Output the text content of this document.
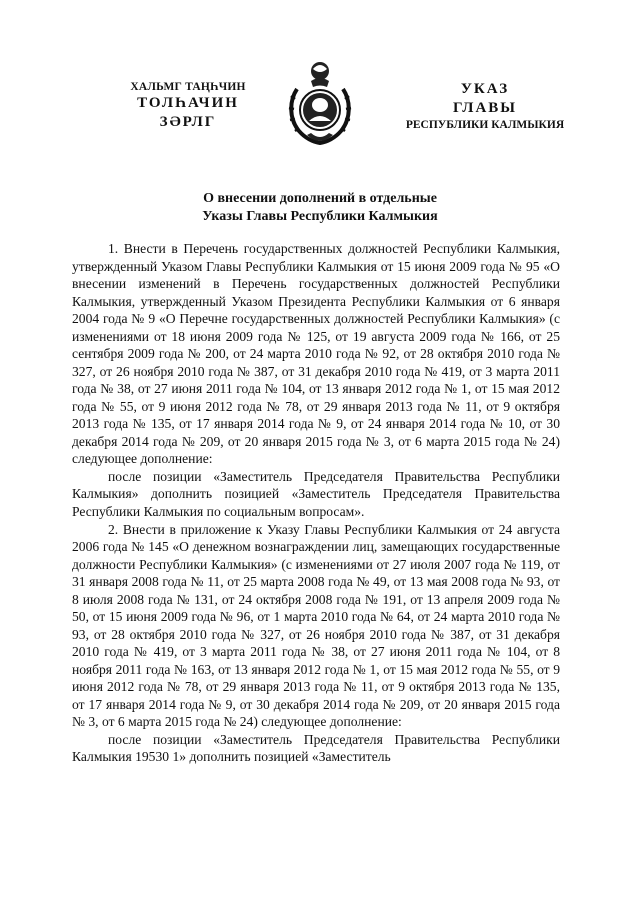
ХАЛЬМГ ТАҢҺЧИН
ТОЛҺАЧИН
ЗӘРЛГ
УКАЗ
ГЛАВЫ
РЕСПУБЛИКИ КАЛМЫКИЯ
О внесении дополнений в отдельные
Указы Главы Республики Калмыкия

1. Внести в Перечень государственных должностей Республики Калмыкия, утвержденный Указом Главы Республики Калмыкия от 15 июня 2009 года № 95 «О внесении изменений в Перечень государственных должностей Республики Калмыкия, утвержденный Указом Президента Республики Калмыкия от 6 января 2004 года № 9 «О Перечне государственных должностей Республики Калмыкия» (с изменениями от 18 июня 2009 года № 125, от 19 августа 2009 года № 166, от 25 сентября 2009 года № 200, от 24 марта 2010 года № 92, от 28 октября 2010 года № 327, от 26 ноября 2010 года № 387, от 31 декабря 2010 года № 419, от 3 марта 2011 года № 38, от 27 июня 2011 года № 104, от 13 января 2012 года № 1, от 15 мая 2012 года № 55, от 9 июня 2012 года № 78, от 29 января 2013 года № 11, от 9 октября 2013 года № 135, от 17 января 2014 года № 9, от 24 января 2014 года № 10, от 30 декабря 2014 года № 209, от 20 января 2015 года № 3, от 6 марта 2015 года № 24) следующее дополнение:

после позиции «Заместитель Председателя Правительства Республики Калмыкия» дополнить позицией «Заместитель Председателя Правительства Республики Калмыкия по социальным вопросам».

2. Внести в приложение к Указу Главы Республики Калмыкия от 24 августа 2006 года № 145 «О денежном вознаграждении лиц, замещающих государственные должности Республики Калмыкия» (с изменениями от 27 июля 2007 года № 119, от 31 января 2008 года № 11, от 25 марта 2008 года № 49, от 13 мая 2008 года № 93, от 8 июля 2008 года № 131, от 24 октября 2008 года № 191, от 13 апреля 2009 года № 50, от 15 июня 2009 года № 96, от 1 марта 2010 года № 64, от 24 марта 2010 года № 93, от 28 октября 2010 года № 327, от 26 ноября 2010 года № 387, от 31 декабря 2010 года № 419, от 3 марта 2011 года № 38, от 27 июня 2011 года № 104, от 8 ноября 2011 года № 163, от 13 января 2012 года № 1, от 15 мая 2012 года № 55, от 9 июня 2012 года № 78, от 29 января 2013 года № 11, от 9 октября 2013 года № 135, от 17 января 2014 года № 9, от 30 декабря 2014 года № 209, от 20 января 2015 года № 3, от 6 марта 2015 года № 24) следующее дополнение:

после позиции «Заместитель Председателя Правительства Республики Калмыкия 19530 1» дополнить позицией «Заместитель
